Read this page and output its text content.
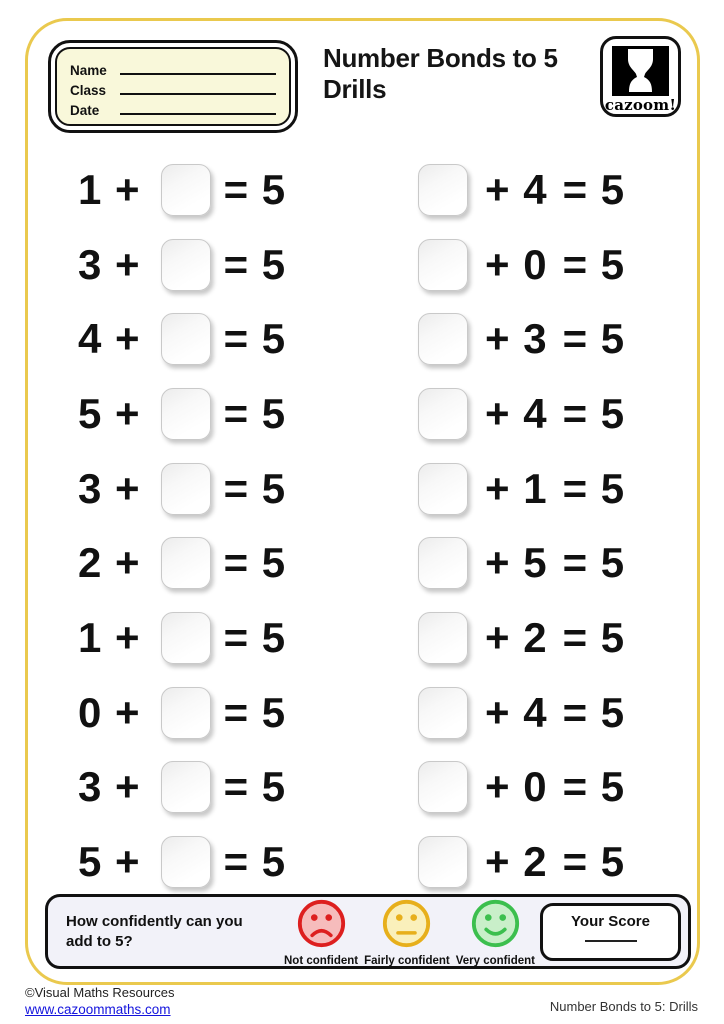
Name
Class
Date
Number Bonds to 5
Drills
cazoom!
1 + = 5
3 + = 5
4 + = 5
5 + = 5
3 + = 5
2 + = 5
1 + = 5
0 + = 5
3 + = 5
5 + = 5
+ 4 = 5
+ 0 = 5
+ 3 = 5
+ 4 = 5
+ 1 = 5
+ 5 = 5
+ 2 = 5
+ 4 = 5
+ 0 = 5
+ 2 = 5
How confidently can you
add to 5?
Not confident Fairly confident Very confident
Your Score
©Visual Maths Resources
www.cazoommaths.com	Number Bonds to 5: Drills
